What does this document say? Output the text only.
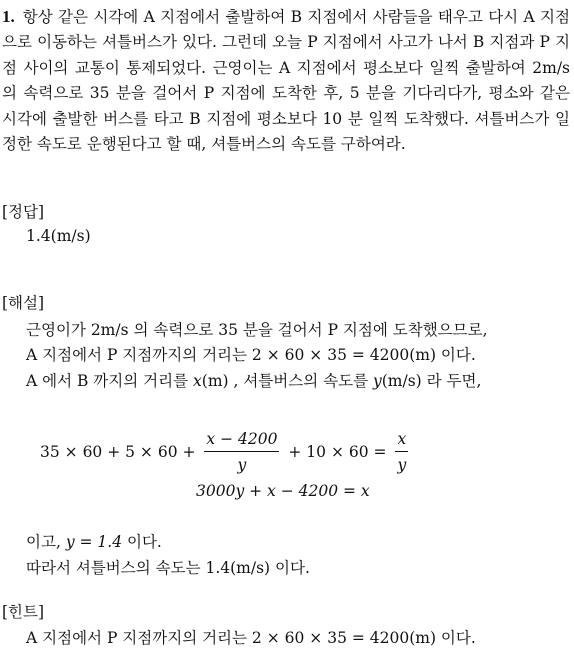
1. 항상 같은 시각에 A 지점에서 출발하여 B 지점에서 사람들을 태우고 다시 A 지점으로 이동하는 셔틀버스가 있다. 그런데 오늘 P 지점에서 사고가 나서 B 지점과 P 지점 사이의 교통이 통제되었다. 근영이는 A 지점에서 평소보다 일찍 출발하여 2m/s 의 속력으로 35 분을 걸어서 P 지점에 도착한 후, 5 분을 기다리다가, 평소와 같은 시각에 출발한 버스를 타고 B 지점에 평소보다 10 분 일찍 도착했다. 셔틀버스가 일정한 속도로 운행된다고 할 때, 셔틀버스의 속도를 구하여라.
[정답]
1.4(m/s)
[해설]
근영이가 2m/s 의 속력으로 35 분을 걸어서 P 지점에 도착했으므로,
A 지점에서 P 지점까지의 거리는 2 × 60 × 35 = 4200(m) 이다.
A 에서 B 까지의 거리를 x(m) , 셔틀버스의 속도를 y(m/s) 라 두면,
$35 \times 60 + 5 \times 60 + \frac{x - 4200}{y} + 10 \times 60 = \frac{x}{y}$
3000y + x − 4200 = x
이고, y = 1.4 이다.
따라서 셔틀버스의 속도는 1.4(m/s) 이다.
[힌트]
A 지점에서 P 지점까지의 거리는 2 × 60 × 35 = 4200(m) 이다.
